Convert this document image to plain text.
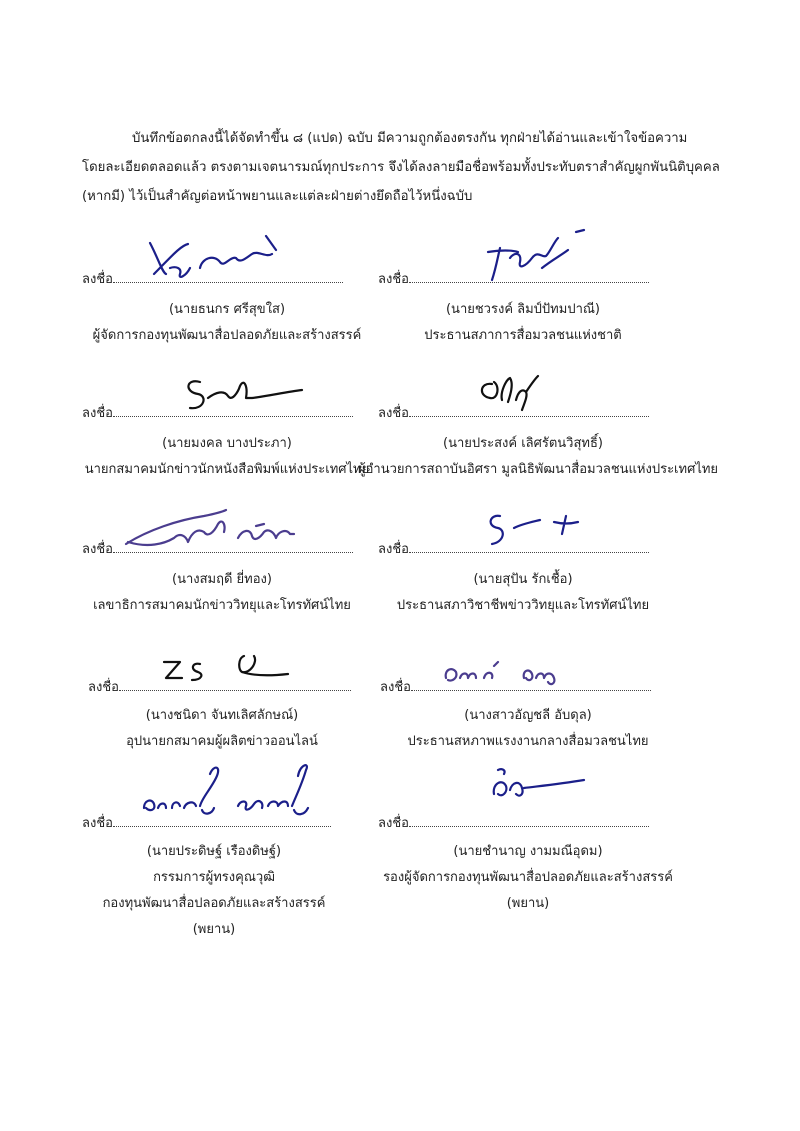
บันทึกข้อตกลงนี้ได้จัดทำขึ้น ๘ (แปด) ฉบับ มีความถูกต้องตรงกัน ทุกฝ่ายได้อ่านและเข้าใจข้อความ
โดยละเอียดตลอดแล้ว ตรงตามเจตนารมณ์ทุกประการ จึงได้ลงลายมือชื่อพร้อมทั้งประทับตราสำคัญผูกพันนิติบุคคล
(หากมี) ไว้เป็นสำคัญต่อหน้าพยานและแต่ละฝ่ายต่างยึดถือไว้หนึ่งฉบับ
ลงชื่อ
(นายธนกร ศรีสุขใส)
ผู้จัดการกองทุนพัฒนาสื่อปลอดภัยและสร้างสรรค์
ลงชื่อ
(นายชวรงค์ ลิมป์ปัทมปาณี)
ประธานสภาการสื่อมวลชนแห่งชาติ
ลงชื่อ
(นายมงคล บางประภา)
นายกสมาคมนักข่าวนักหนังสือพิมพ์แห่งประเทศไทย
ลงชื่อ
(นายประสงค์ เลิศรัตนวิสุทธิ์)
ผู้อำนวยการสถาบันอิศรา มูลนิธิพัฒนาสื่อมวลชนแห่งประเทศไทย
ลงชื่อ
(นางสมฤดี ยี่ทอง)
เลขาธิการสมาคมนักข่าววิทยุและโทรทัศน์ไทย
ลงชื่อ
(นายสุปัน รักเชื้อ)
ประธานสภาวิชาชีพข่าววิทยุและโทรทัศน์ไทย
ลงชื่อ
(นางชนิดา จันทเลิศลักษณ์)
อุปนายกสมาคมผู้ผลิตข่าวออนไลน์
ลงชื่อ
(นางสาวอัญชลี อับดุล)
ประธานสหภาพแรงงานกลางสื่อมวลชนไทย
ลงชื่อ
(นายประดิษฐ์ เรืองดิษฐ์)
กรรมการผู้ทรงคุณวุฒิ
กองทุนพัฒนาสื่อปลอดภัยและสร้างสรรค์
(พยาน)
ลงชื่อ
(นายชำนาญ งามมณีอุดม)
รองผู้จัดการกองทุนพัฒนาสื่อปลอดภัยและสร้างสรรค์
(พยาน)
